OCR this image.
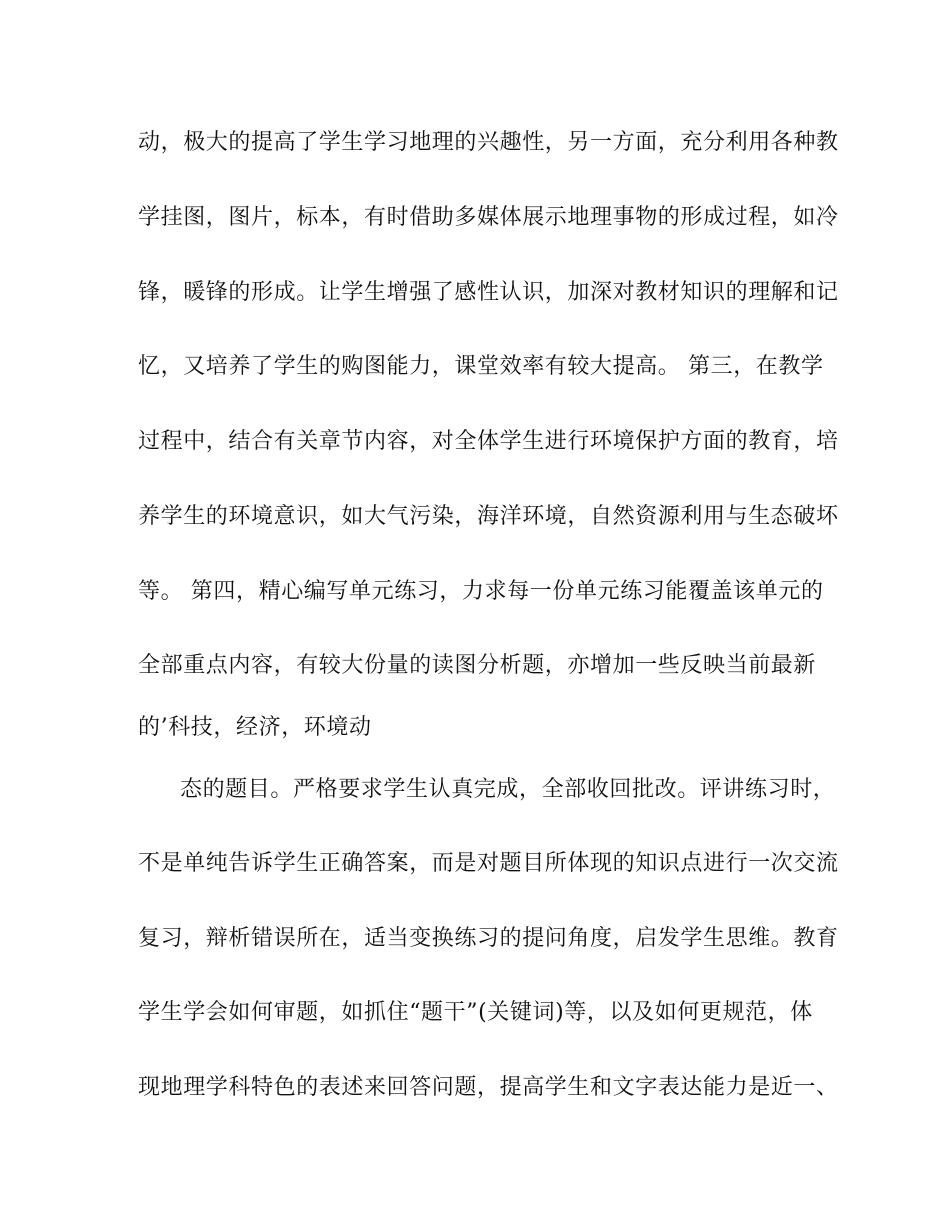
动，极大的提高了学生学习地理的兴趣性，另一方面，充分利用各种教
学挂图，图片，标本，有时借助多媒体展示地理事物的形成过程，如冷
锋，暖锋的形成。让学生增强了感性认识，加深对教材知识的理解和记
忆，又培养了学生的购图能力，课堂效率有较大提高。 第三，在教学
过程中，结合有关章节内容，对全体学生进行环境保护方面的教育，培
养学生的环境意识，如大气污染，海洋环境，自然资源利用与生态破坏
等。 第四，精心编写单元练习，力求每一份单元练习能覆盖该单元的
全部重点内容，有较大份量的读图分析题，亦增加一些反映当前最新
的’科技，经济，环境动
态的题目。严格要求学生认真完成，全部收回批改。评讲练习时，
不是单纯告诉学生正确答案，而是对题目所体现的知识点进行一次交流
复习，辩析错误所在，适当变换练习的提问角度，启发学生思维。教育
学生学会如何审题，如抓住“题干”(关键词)等，以及如何更规范，体
现地理学科特色的表述来回答问题，提高学生和文字表达能力是近一、
